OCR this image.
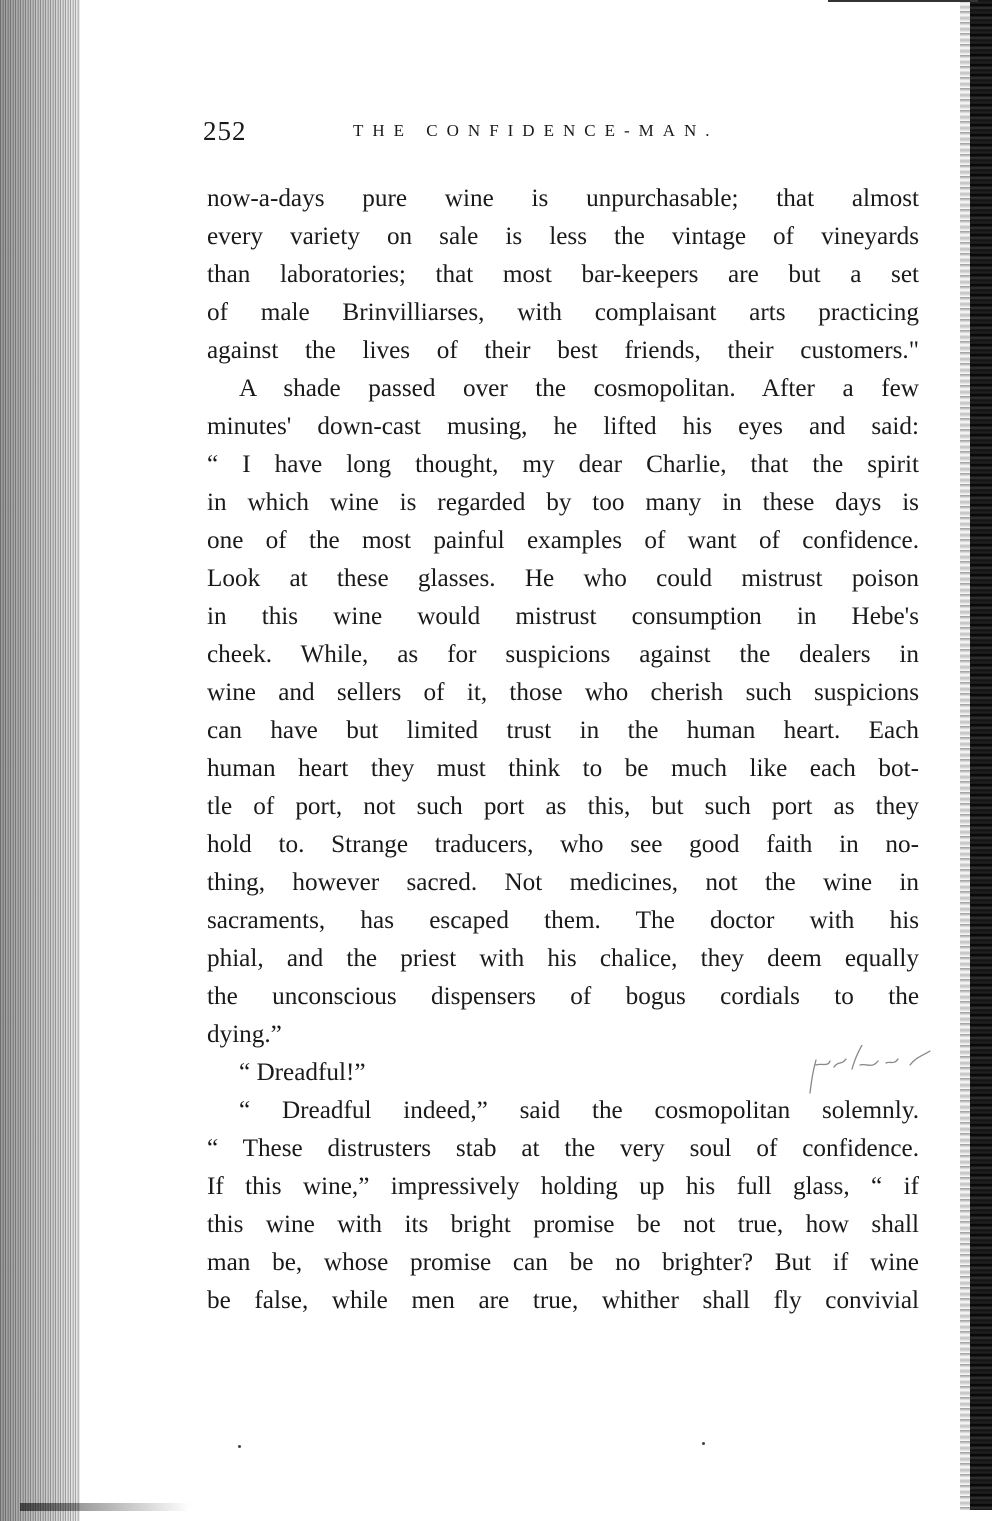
252	THE CONFIDENCE-MAN.
now-a-days pure wine is unpurchasable; that almost
every variety on sale is less the vintage of vineyards
than laboratories; that most bar-keepers are but a set
of male Brinvilliarses, with complaisant arts practicing
against the lives of their best friends, their customers."
A shade passed over the cosmopolitan. After a few
minutes' down-cast musing, he lifted his eyes and said:
“ I have long thought, my dear Charlie, that the spirit
in which wine is regarded by too many in these days is
one of the most painful examples of want of confidence.
Look at these glasses. He who could mistrust poison
in this wine would mistrust consumption in Hebe's
cheek. While, as for suspicions against the dealers in
wine and sellers of it, those who cherish such suspicions
can have but limited trust in the human heart. Each
human heart they must think to be much like each bot-
tle of port, not such port as this, but such port as they
hold to. Strange traducers, who see good faith in no-
thing, however sacred. Not medicines, not the wine in
sacraments, has escaped them. The doctor with his
phial, and the priest with his chalice, they deem equally
the unconscious dispensers of bogus cordials to the
dying.”
“ Dreadful!”
“ Dreadful indeed,” said the cosmopolitan solemnly.
“ These distrusters stab at the very soul of confidence.
If this wine,” impressively holding up his full glass, “ if
this wine with its bright promise be not true, how shall
man be, whose promise can be no brighter? But if wine
be false, while men are true, whither shall fly convivial
